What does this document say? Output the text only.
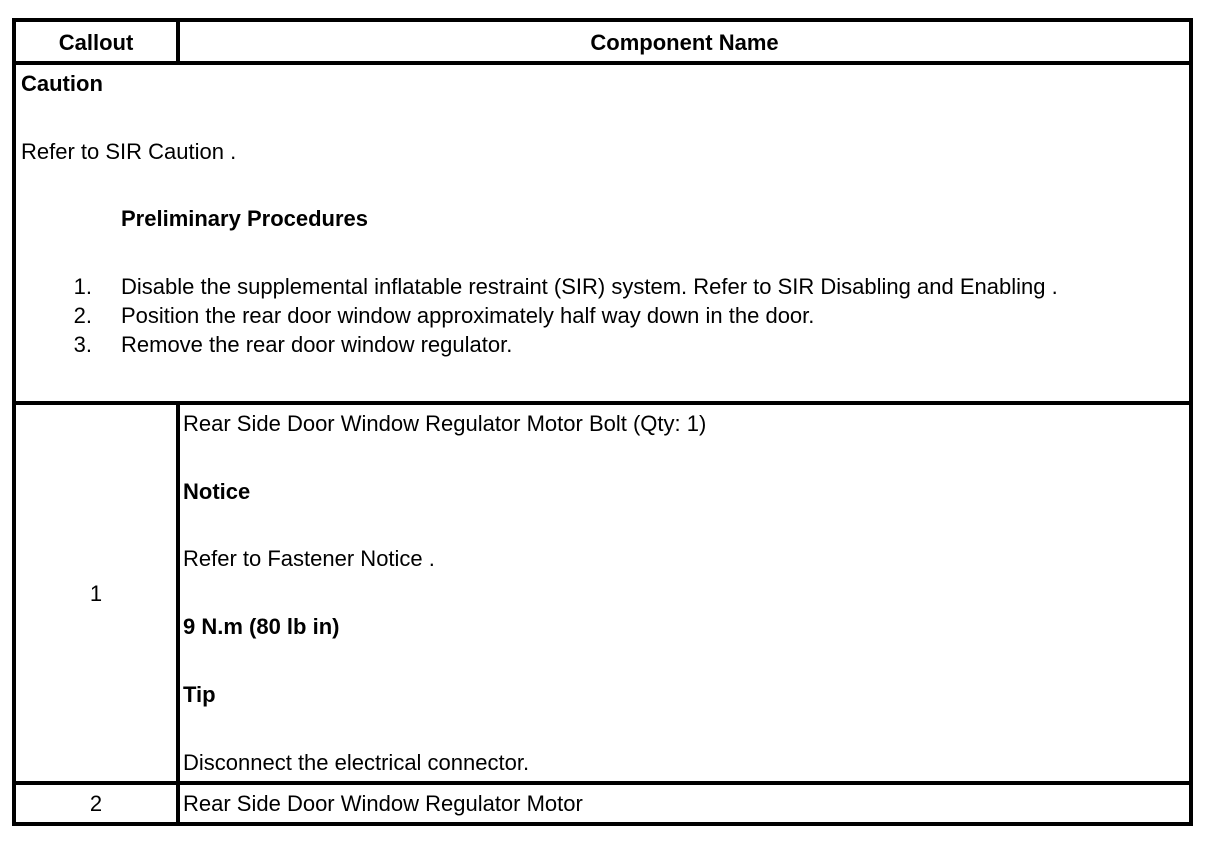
Callout	Component Name
Caution
Refer to SIR Caution .
Preliminary Procedures
1. Disable the supplemental inflatable restraint (SIR) system. Refer to SIR Disabling and Enabling .
2. Position the rear door window approximately half way down in the door.
3. Remove the rear door window regulator.
1
Rear Side Door Window Regulator Motor Bolt (Qty: 1)
Notice
Refer to Fastener Notice .
9 N.m (80 lb in)
Tip
Disconnect the electrical connector.
2	Rear Side Door Window Regulator Motor
